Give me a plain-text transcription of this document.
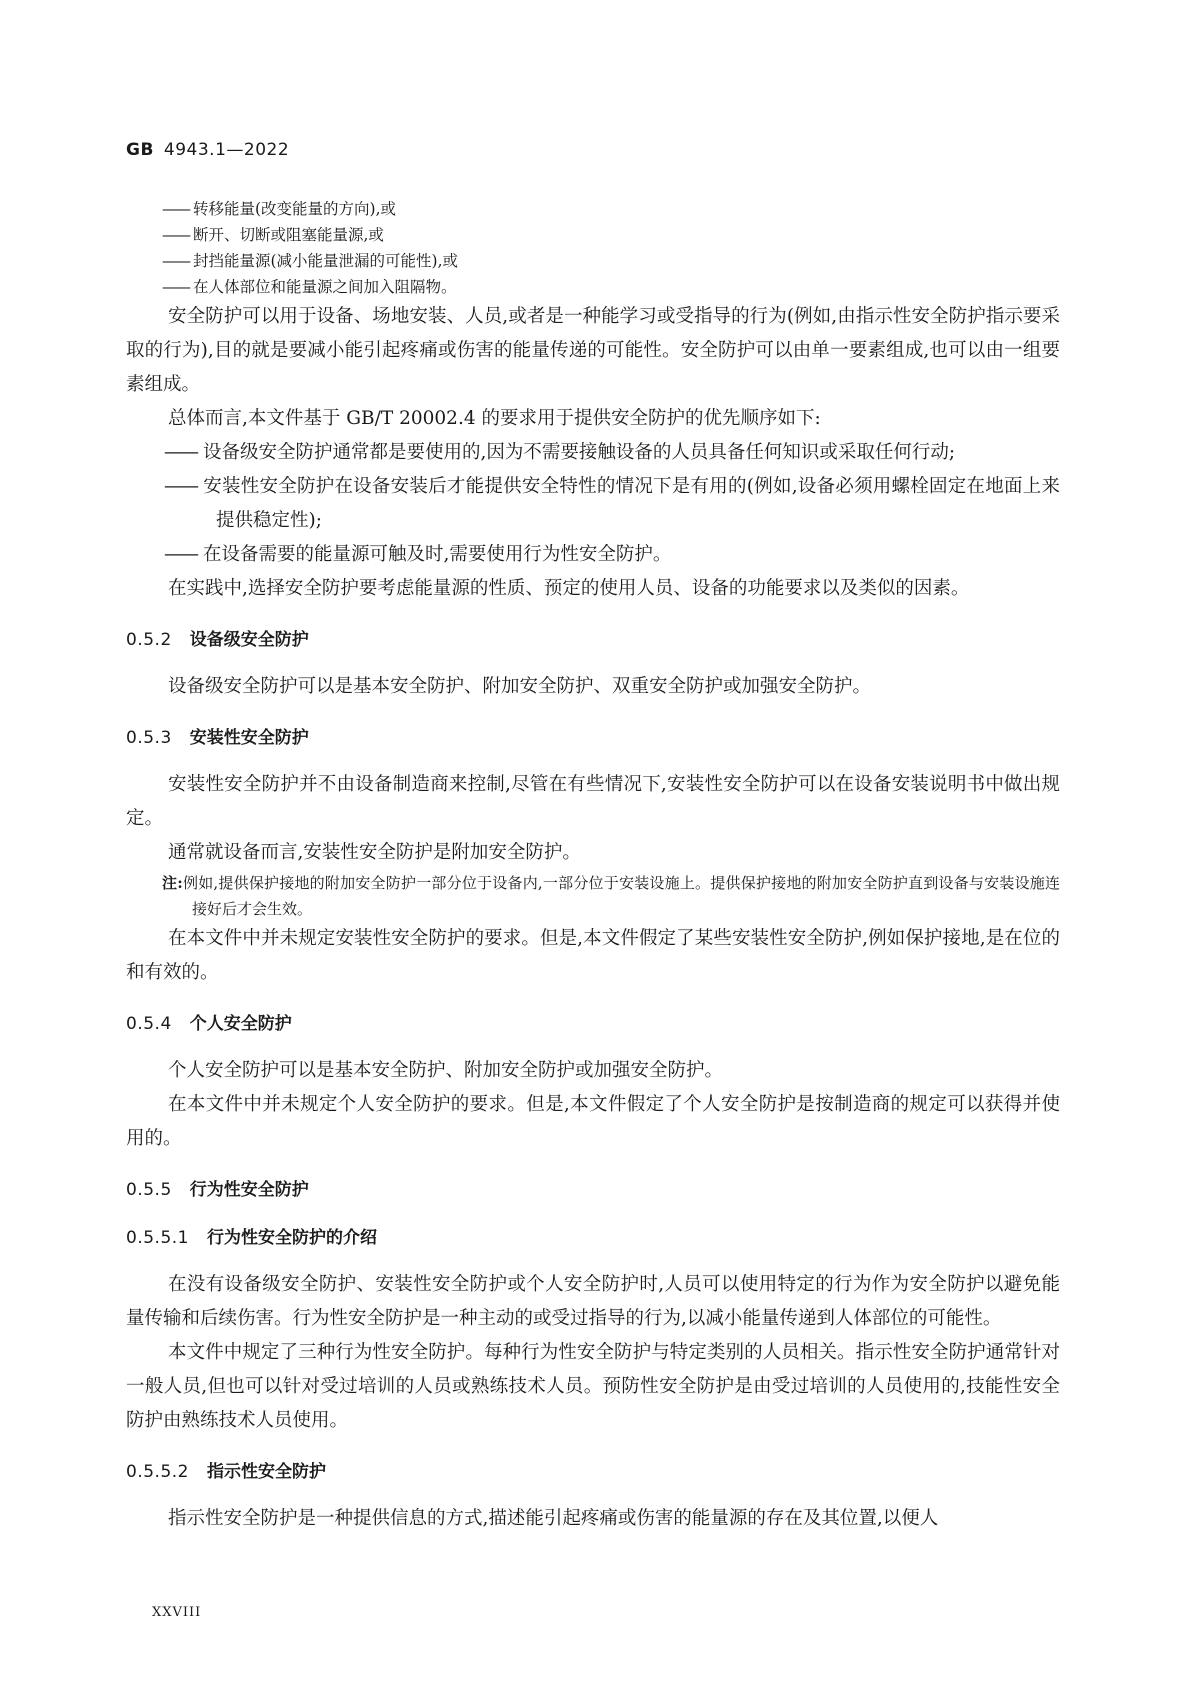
GB 4943.1—2022

—— 转移能量(改变能量的方向),或

—— 断开、切断或阻塞能量源,或

—— 封挡能量源(减小能量泄漏的可能性),或

—— 在人体部位和能量源之间加入阻隔物。

安全防护可以用于设备、场地安装、人员,或者是一种能学习或受指导的行为(例如,由指示性安全防护指示要采取的行为),目的就是要减小能引起疼痛或伤害的能量传递的可能性。安全防护可以由单一要素组成,也可以由一组要素组成。

总体而言,本文件基于 GB/T 20002.4 的要求用于提供安全防护的优先顺序如下:

—— 设备级安全防护通常都是要使用的,因为不需要接触设备的人员具备任何知识或采取任何行动;

—— 安装性安全防护在设备安装后才能提供安全特性的情况下是有用的(例如,设备必须用螺栓固定在地面上来提供稳定性);

—— 在设备需要的能量源可触及时,需要使用行为性安全防护。

在实践中,选择安全防护要考虑能量源的性质、预定的使用人员、设备的功能要求以及类似的因素。

0.5.2 设备级安全防护

设备级安全防护可以是基本安全防护、附加安全防护、双重安全防护或加强安全防护。

0.5.3 安装性安全防护

安装性安全防护并不由设备制造商来控制,尽管在有些情况下,安装性安全防护可以在设备安装说明书中做出规定。

通常就设备而言,安装性安全防护是附加安全防护。

注:例如,提供保护接地的附加安全防护一部分位于设备内,一部分位于安装设施上。提供保护接地的附加安全防护直到设备与安装设施连接好后才会生效。

在本文件中并未规定安装性安全防护的要求。但是,本文件假定了某些安装性安全防护,例如保护接地,是在位的和有效的。

0.5.4 个人安全防护

个人安全防护可以是基本安全防护、附加安全防护或加强安全防护。

在本文件中并未规定个人安全防护的要求。但是,本文件假定了个人安全防护是按制造商的规定可以获得并使用的。

0.5.5 行为性安全防护
0.5.5.1 行为性安全防护的介绍

在没有设备级安全防护、安装性安全防护或个人安全防护时,人员可以使用特定的行为作为安全防护以避免能量传输和后续伤害。行为性安全防护是一种主动的或受过指导的行为,以减小能量传递到人体部位的可能性。

本文件中规定了三种行为性安全防护。每种行为性安全防护与特定类别的人员相关。指示性安全防护通常针对一般人员,但也可以针对受过培训的人员或熟练技术人员。预防性安全防护是由受过培训的人员使用的,技能性安全防护由熟练技术人员使用。

0.5.5.2 指示性安全防护

指示性安全防护是一种提供信息的方式,描述能引起疼痛或伤害的能量源的存在及其位置,以便人

XXVIII
